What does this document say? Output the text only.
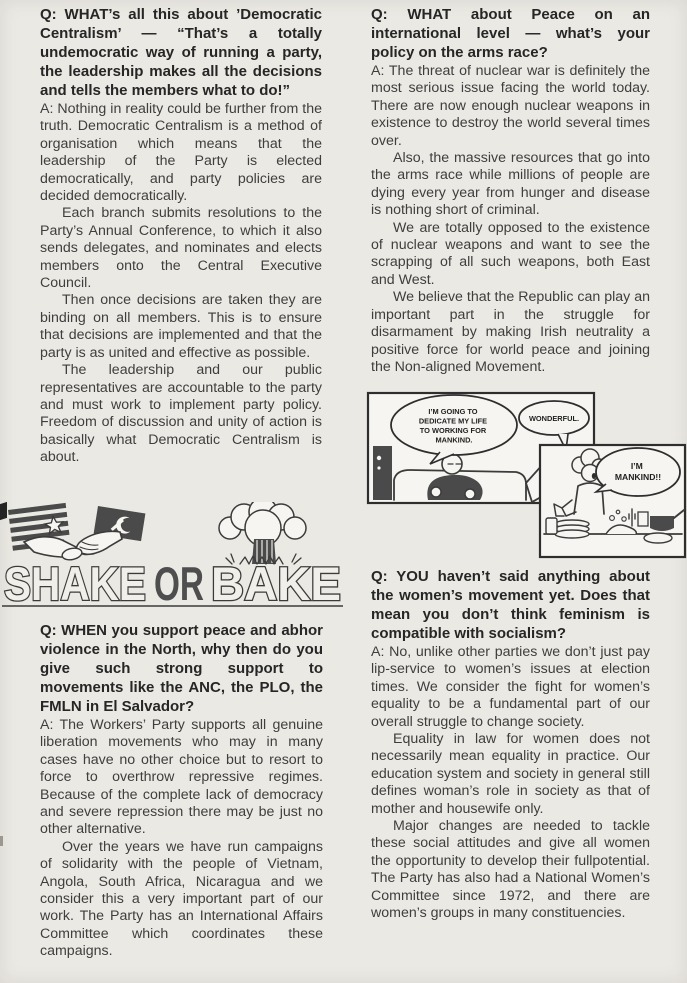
Q: WHAT’s all this about ’Democratic Centralism’ — “That’s a totally undemocratic way of running a party, the leadership makes all the decisions and tells the members what to do!”

A: Nothing in reality could be further from the truth. Democratic Centralism is a method of organisation which means that the leadership of the Party is elected democratically, and party policies are decided democratically.

Each branch submits resolutions to the Party’s Annual Conference, to which it also sends delegates, and nominates and elects members onto the Central Executive Council.

Then once decisions are taken they are binding on all members. This is to ensure that decisions are implemented and that the party is as united and effective as possible.

The leadership and our public representatives are accountable to the party and must work to implement party policy. Freedom of discussion and unity of action is basically what Democratic Centralism is about.

SHAKE OR BAKE
Q: WHEN you support peace and abhor violence in the North, why then do you give such strong support to movements like the ANC, the PLO, the FMLN in El Salvador?

A: The Workers’ Party supports all genuine liberation movements who may in many cases have no other choice but to resort to force to overthrow repressive regimes. Because of the complete lack of democracy and severe repression there may be just no other alternative.

Over the years we have run campaigns of solidarity with the people of Vietnam, Angola, South Africa, Nicaragua and we consider this a very important part of our work. The Party has an International Affairs Committee which coordinates these campaigns.

Q: WHAT about Peace on an international level — what’s your policy on the arms race?

A: The threat of nuclear war is definitely the most serious issue facing the world today. There are now enough nuclear weapons in existence to destroy the world several times over.

Also, the massive resources that go into the arms race while millions of people are dying every year from hunger and disease is nothing short of criminal.

We are totally opposed to the existence of nuclear weapons and want to see the scrapping of all such weapons, both East and West.

We believe that the Republic can play an important part in the struggle for disarmament by making Irish neutrality a positive force for world peace and joining the Non-aligned Movement.

I’M GOING TO DEDICATE MY LIFE TO WORKING FOR MANKIND.
WONDERFUL.
I’M MANKIND!!
Q: YOU haven’t said anything about the women’s movement yet. Does that mean you don’t think feminism is compatible with socialism?

A: No, unlike other parties we don’t just pay lip-service to women’s issues at election times. We consider the fight for women’s equality to be a fundamental part of our overall struggle to change society.

Equality in law for women does not necessarily mean equality in practice. Our education system and society in general still defines woman’s role in society as that of mother and housewife only.

Major changes are needed to tackle these social attitudes and give all women the opportunity to develop their fullpotential. The Party has also had a National Women’s Committee since 1972, and there are women’s groups in many constituencies.
